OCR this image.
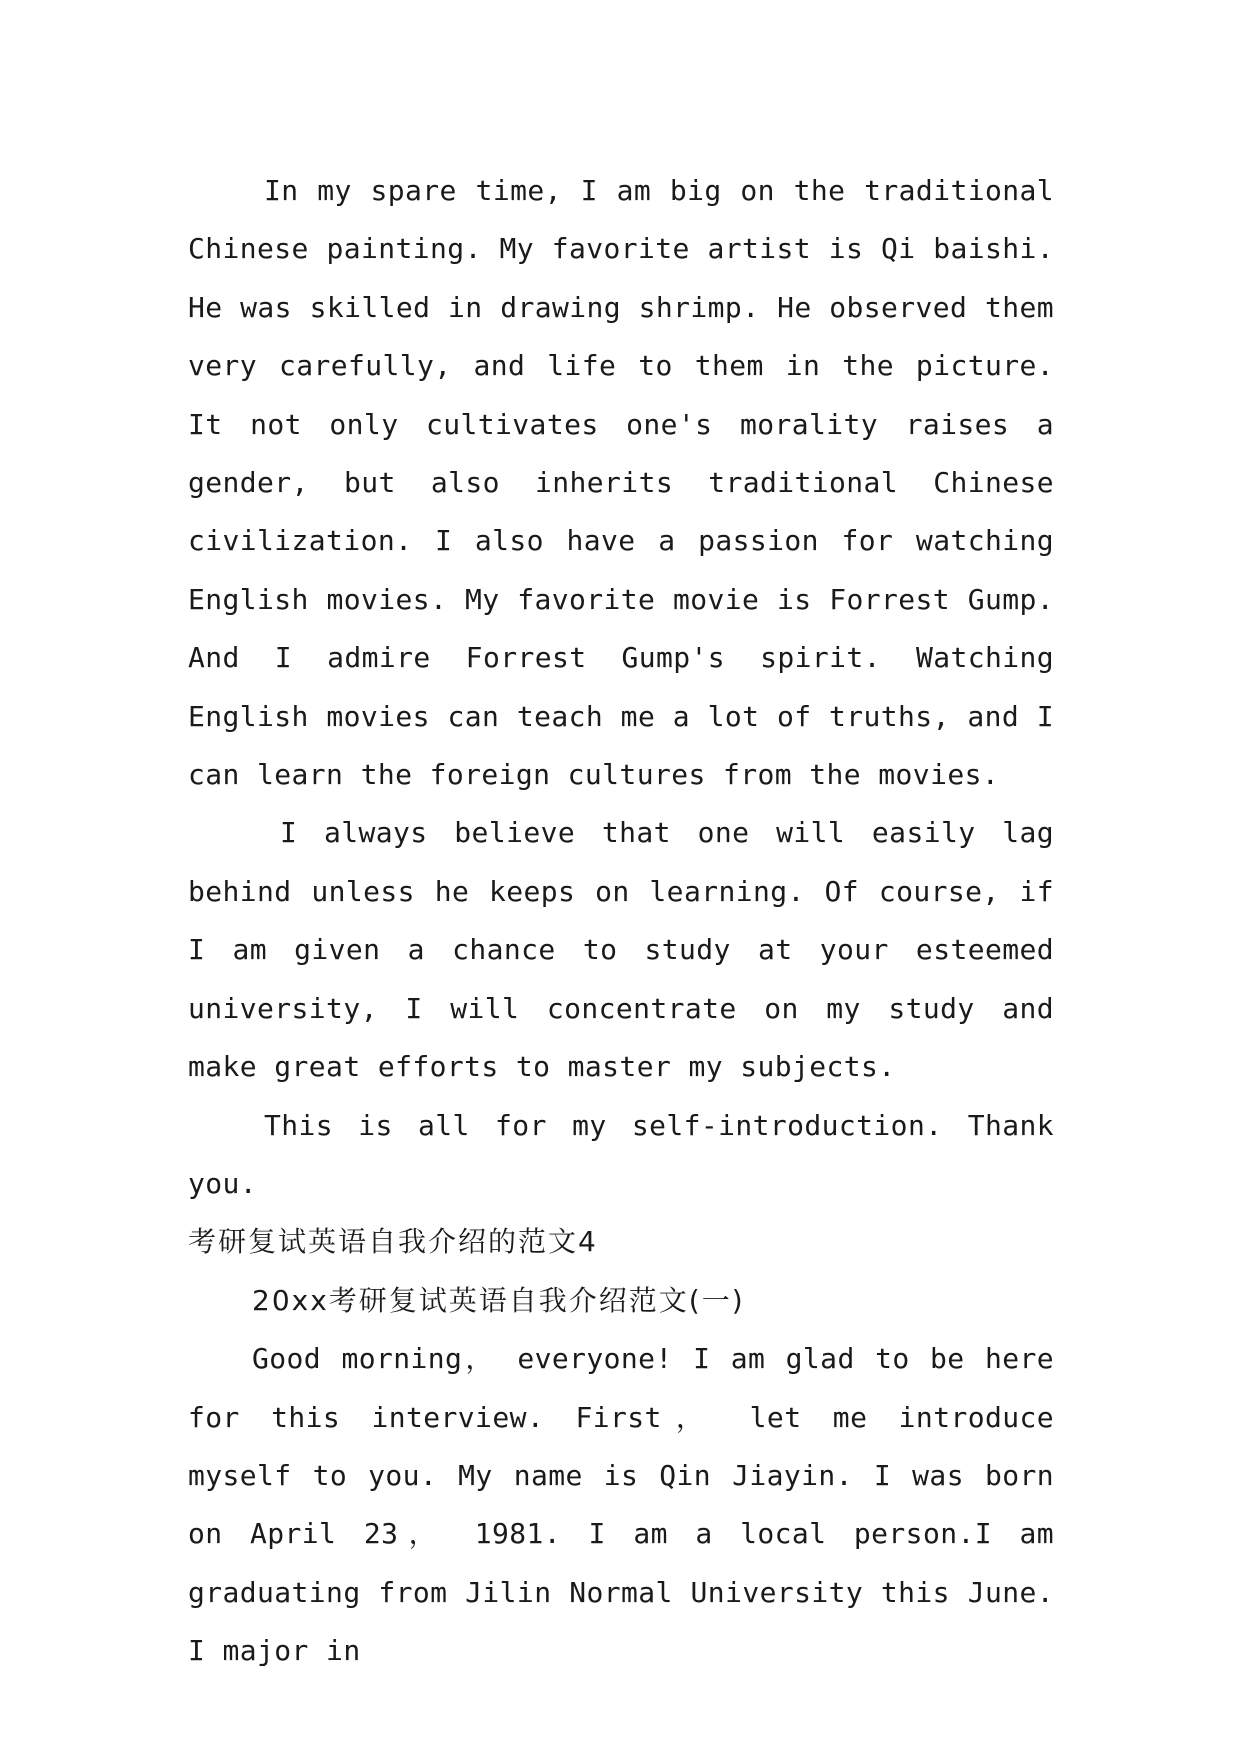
In my spare time, I am big on the traditional Chinese painting. My favorite artist is Qi baishi. He was skilled in drawing shrimp. He observed them very carefully, and life to them in the picture. It not only cultivates one's morality raises a gender, but also inherits traditional Chinese civilization. I also have a passion for watching English movies. My favorite movie is Forrest Gump. And I admire Forrest Gump's spirit. Watching English movies can teach me a lot of truths, and I can learn the foreign cultures from the movies.

I always believe that one will easily lag behind unless he keeps on learning. Of course, if I am given a chance to study at your esteemed university, I will concentrate on my study and make great efforts to master my subjects.

This is all for my self-introduction. Thank you.

考研复试英语自我介绍的范文4

20xx考研复试英语自我介绍范文(一)

Good morning， everyone! I am glad to be here for this interview. First， let me introduce myself to you. My name is Qin Jiayin. I was born on April 23， 1981. I am a local person.I am graduating from Jilin Normal University this June. I major in
